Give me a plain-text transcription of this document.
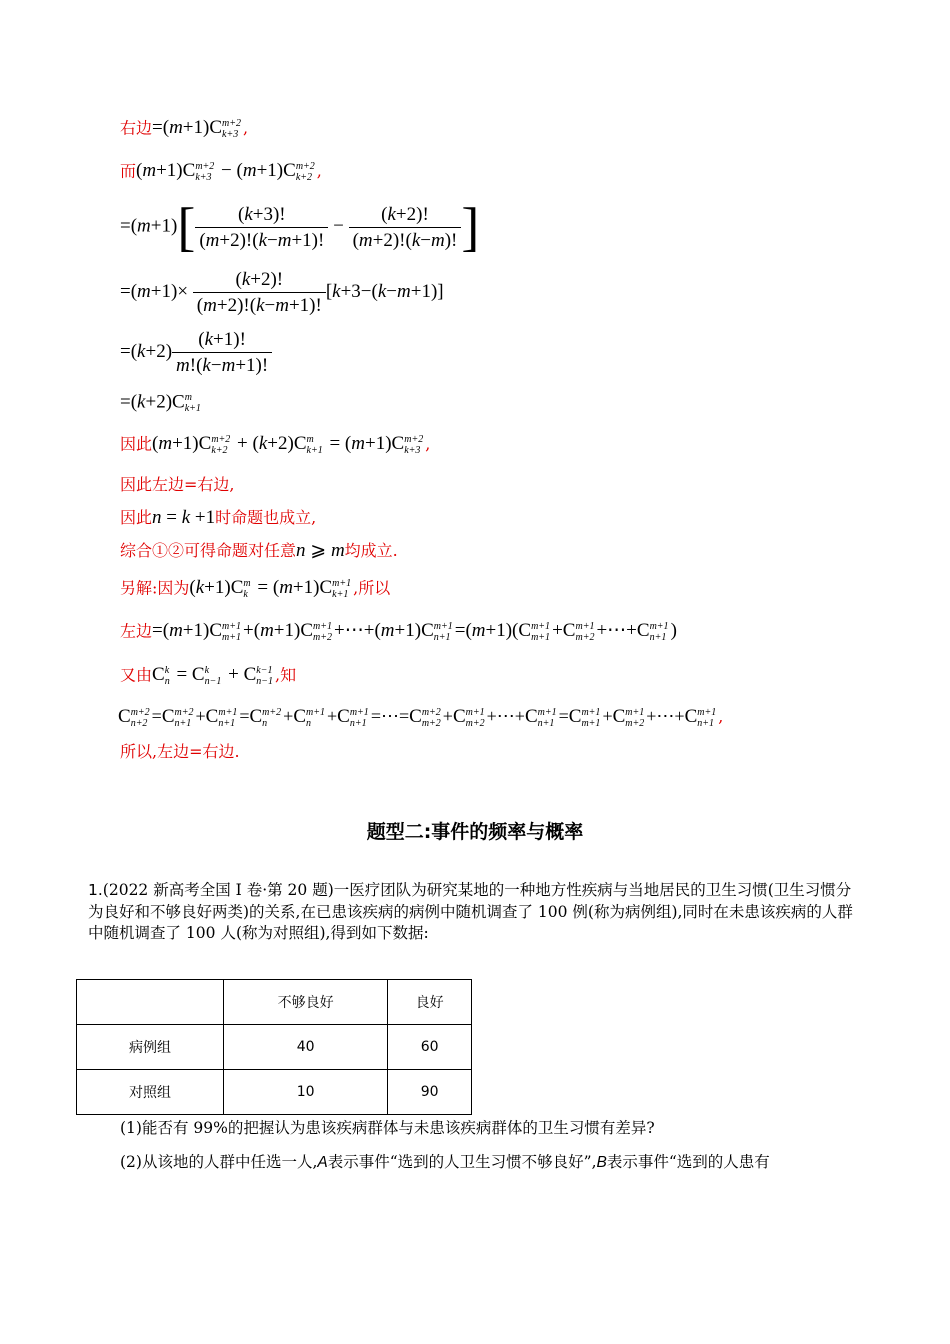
右边=(m+1)C m+2
k+3 ,
而(m+1)C m+2
k+3 − (m+1)C m+2
k+2 ,
$=(m+1)[ \frac{(k+3)!}{(m+2)!(k-m+1)!} - \frac{(k+2)!}{(m+2)!(k-m)!}$ ]
$=(m+1)\times \frac{(k+2)!}{(m+2)!(k-m+1)!} [k+3-(k-m+1)]$
$=(k+2) \frac{(k+1)!}{m!(k-m+1)!}$
=(k+2)C m
k+1
因此(m+1)C m+2
k+2 + (k+2)C m
k+1 = (m+1)C m+2
k+3 ,
因此左边=右边,
因此n = k +1时命题也成立,
综合①②可得命题对任意n ⩾ m均成立.
另解:因为(k+1)C m
k = (m+1)C m+1
k+1 ,所以
左边=(m+1)C m+1
m+1 +(m+1)C m+1
m+2 +⋯+(m+1)C m+1
n+1 =(m+1)(C m+1
m+1 +C m+1
m+2 +⋯+C m+1
n+1 )
又由C k
n = C k
n−1 + C k−1
n−1 ,知
C m+2
n+2 =C m+2
n+1 +C m+1
n+1 =C m+2
n +C m+1
n +C m+1
n+1 =⋯=C m+2
m+2 +C m+1
m+2 +⋯+C m+1
n+1 =C m+1
m+1 +C m+1
m+2 +⋯+C m+1
n+1 ,
所以,左边=右边.
题型二:事件的频率与概率
1.(2022 新高考全国 I 卷·第 20 题)一医疗团队为研究某地的一种地方性疾病与当地居民的卫生习惯(卫生习惯分为良好和不够良好两类)的关系,在已患该疾病的病例中随机调查了 100 例(称为病例组),同时在未患该疾病的人群中随机调查了 100 人(称为对照组),得到如下数据:
	不够良好	良好
病例组	40	60
对照组	10	90
(1)能否有 99%的把握认为患该疾病群体与未患该疾病群体的卫生习惯有差异?
(2)从该地的人群中任选一人,A表示事件“选到的人卫生习惯不够良好”,B表示事件“选到的人患有
